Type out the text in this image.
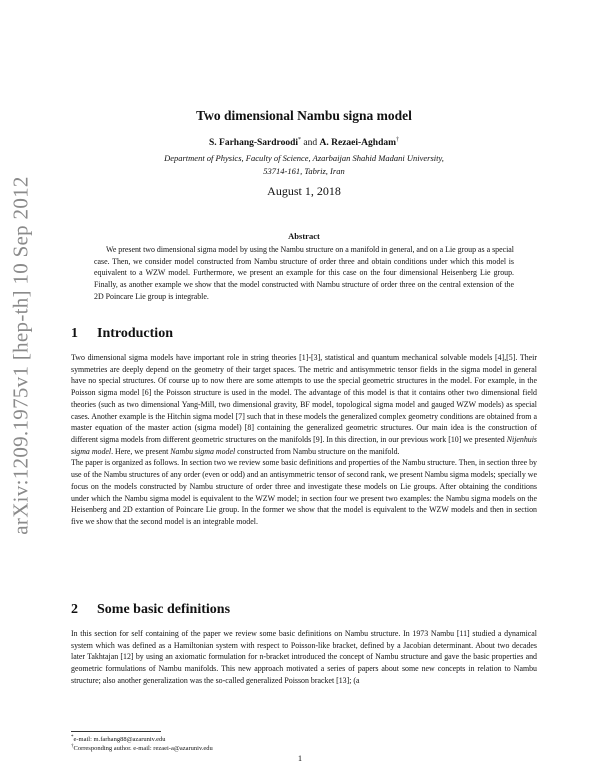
arXiv:1209.1975v1 [hep-th] 10 Sep 2012
Two dimensional Nambu signa model
S. Farhang-Sardroodi* and A. Rezaei-Aghdam†
Department of Physics, Faculty of Science, Azarbaijan Shahid Madani University,
53714-161, Tabriz, Iran
August 1, 2018
Abstract
We present two dimensional sigma model by using the Nambu structure on a manifold in general, and on a Lie group as a special case. Then, we consider model constructed from Nambu structure of order three and obtain conditions under which this model is equivalent to a WZW model. Furthermore, we present an example for this case on the four dimensional Heisenberg Lie group. Finally, as another example we show that the model constructed with Nambu structure of order three on the central extension of the 2D Poincare Lie group is integrable.
1 Introduction

Two dimensional sigma models have important role in string theories [1]-[3], statistical and quantum mechanical solvable models [4],[5]. Their symmetries are deeply depend on the geometry of their target spaces. The metric and antisymmetric tensor fields in the sigma model in general have no special structures. Of course up to now there are some attempts to use the special geometric structures in the model. For example, in the Poisson sigma model [6] the Poisson structure is used in the model. The advantage of this model is that it contains other two dimensional field theories (such as two dimensional Yang-Mill, two dimensional gravity, BF model, topological sigma model and gauged WZW models) as special cases. Another example is the Hitchin sigma model [7] such that in these models the generalized complex geometry conditions are obtained from a master equation of the master action (sigma model) [8] containing the generalized geometric structures. Our main idea is the construction of different sigma models from different geometric structures on the manifolds [9]. In this direction, in our previous work [10] we presented Nijenhuis sigma model. Here, we present Nambu sigma model constructed from Nambu structure on the manifold.

The paper is organized as follows. In section two we review some basic definitions and properties of the Nambu structure. Then, in section three by use of the Nambu structures of any order (even or odd) and an antisymmetric tensor of second rank, we present Nambu sigma models; specially we focus on the models constructed by Nambu structure of order three and investigate these models on Lie groups. After obtaining the conditions under which the Nambu sigma model is equivalent to the WZW model; in section four we present two examples: the Nambu sigma models on the Heisenberg and 2D extantion of Poincare Lie group. In the former we show that the model is equivalent to the WZW models and then in section five we show that the second model is an integrable model.

2 Some basic definitions

In this section for self containing of the paper we review some basic definitions on Nambu structure. In 1973 Nambu [11] studied a dynamical system which was defined as a Hamiltonian system with respect to Poisson-like bracket, defined by a Jacobian determinant. About two decades later Takhtajan [12] by using an axiomatic formulation for n-bracket introduced the concept of Nambu structure and gave the basic properties and geometric formulations of Nambu manifolds. This new approach motivated a series of papers about some new concepts in relation to Nambu structure; also another generalization was the so-called generalized Poisson bracket [13]; (a

*e-mail: m.farhang88@azaruniv.edu
†Corresponding author. e-mail: rezaei-a@azaruniv.edu
1
